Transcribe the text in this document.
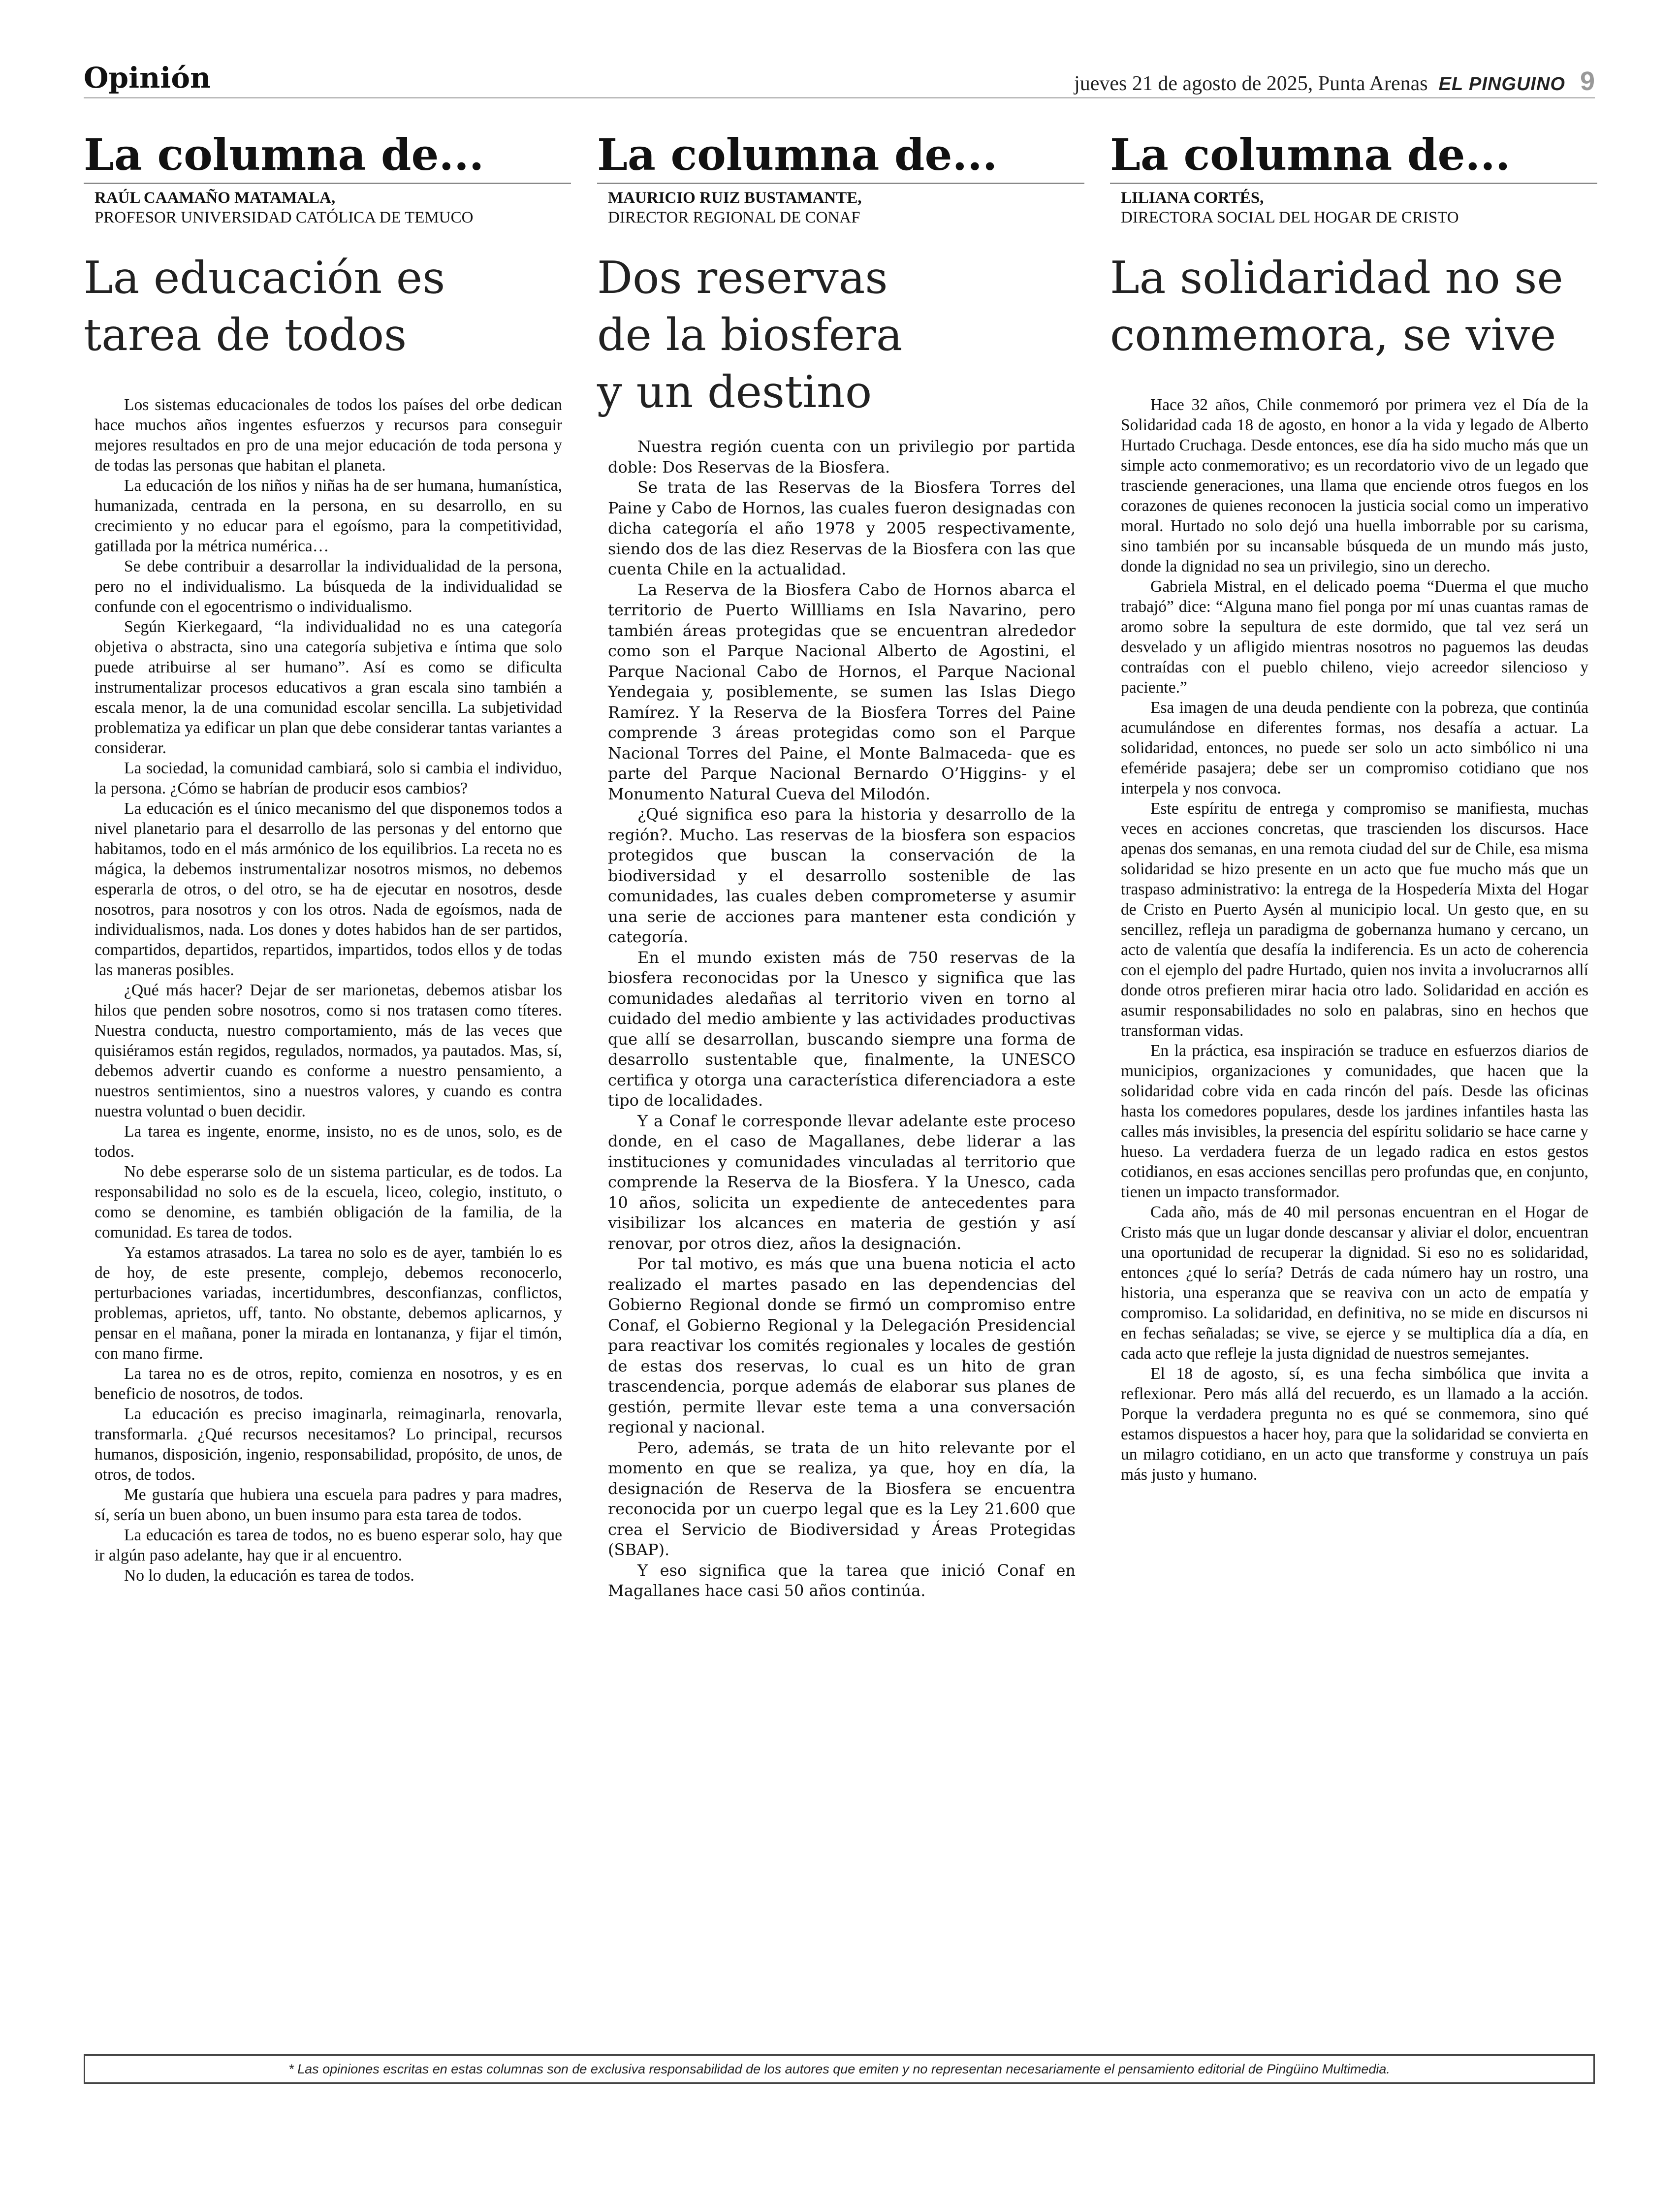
Opinión	jueves 21 de agosto de 2025, Punta Arenas EL PINGUINO 9
La columna de...
RAÚL CAAMAÑO MATAMALA,
PROFESOR UNIVERSIDAD CATÓLICA DE TEMUCO
La educación es
tarea de todos

Los sistemas educacionales de todos los países del orbe dedican hace muchos años ingentes esfuerzos y recursos para conseguir mejores resultados en pro de una mejor educación de toda persona y de todas las personas que habitan el planeta.

La educación de los niños y niñas ha de ser humana, humanística, humanizada, centrada en la persona, en su desarrollo, en su crecimiento y no educar para el egoísmo, para la competitividad, gatillada por la métrica numérica…

Se debe contribuir a desarrollar la individualidad de la persona, pero no el individualismo. La búsqueda de la individualidad se confunde con el egocentrismo o individualismo.

Según Kierkegaard, “la individualidad no es una categoría objetiva o abstracta, sino una categoría subjetiva e íntima que solo puede atribuirse al ser humano”. Así es como se dificulta instrumentalizar procesos educativos a gran escala sino también a escala menor, la de una comunidad escolar sencilla. La subjetividad problematiza ya edificar un plan que debe considerar tantas variantes a considerar.

La sociedad, la comunidad cambiará, solo si cambia el individuo, la persona. ¿Cómo se habrían de producir esos cambios?

La educación es el único mecanismo del que disponemos todos a nivel planetario para el desarrollo de las personas y del entorno que habitamos, todo en el más armónico de los equilibrios. La receta no es mágica, la debemos instrumentalizar nosotros mismos, no debemos esperarla de otros, o del otro, se ha de ejecutar en nosotros, desde nosotros, para nosotros y con los otros. Nada de egoísmos, nada de individualismos, nada. Los dones y dotes habidos han de ser partidos, compartidos, departidos, repartidos, impartidos, todos ellos y de todas las maneras posibles.

¿Qué más hacer? Dejar de ser marionetas, debemos atisbar los hilos que penden sobre nosotros, como si nos tratasen como títeres. Nuestra conducta, nuestro comportamiento, más de las veces que quisiéramos están regidos, regulados, normados, ya pautados. Mas, sí, debemos advertir cuando es conforme a nuestro pensamiento, a nuestros sentimientos, sino a nuestros valores, y cuando es contra nuestra voluntad o buen decidir.

La tarea es ingente, enorme, insisto, no es de unos, solo, es de todos.

No debe esperarse solo de un sistema particular, es de todos. La responsabilidad no solo es de la escuela, liceo, colegio, instituto, o como se denomine, es también obligación de la familia, de la comunidad. Es tarea de todos.

Ya estamos atrasados. La tarea no solo es de ayer, también lo es de hoy, de este presente, complejo, debemos reconocerlo, perturbaciones variadas, incertidumbres, desconfianzas, conflictos, problemas, aprietos, uff, tanto. No obstante, debemos aplicarnos, y pensar en el mañana, poner la mirada en lontananza, y fijar el timón, con mano firme.

La tarea no es de otros, repito, comienza en nosotros, y es en beneficio de nosotros, de todos.

La educación es preciso imaginarla, reimaginarla, renovarla, transformarla. ¿Qué recursos necesitamos? Lo principal, recursos humanos, disposición, ingenio, responsabilidad, propósito, de unos, de otros, de todos.

Me gustaría que hubiera una escuela para padres y para madres, sí, sería un buen abono, un buen insumo para esta tarea de todos.

La educación es tarea de todos, no es bueno esperar solo, hay que ir algún paso adelante, hay que ir al encuentro.

No lo duden, la educación es tarea de todos.

La columna de...
MAURICIO RUIZ BUSTAMANTE,
DIRECTOR REGIONAL DE CONAF
Dos reservas
de la biosfera
y un destino

Nuestra región cuenta con un privilegio por partida doble: Dos Reservas de la Biosfera.

Se trata de las Reservas de la Biosfera Torres del Paine y Cabo de Hornos, las cuales fueron designadas con dicha categoría el año 1978 y 2005 respectivamente, siendo dos de las diez Reservas de la Biosfera con las que cuenta Chile en la actualidad.

La Reserva de la Biosfera Cabo de Hornos abarca el territorio de Puerto Willliams en Isla Navarino, pero también áreas protegidas que se encuentran alrededor como son el Parque Nacional Alberto de Agostini, el Parque Nacional Cabo de Hornos, el Parque Nacional Yendegaia y, posiblemente, se sumen las Islas Diego Ramírez. Y la Reserva de la Biosfera Torres del Paine comprende 3 áreas protegidas como son el Parque Nacional Torres del Paine, el Monte Balmaceda- que es parte del Parque Nacional Bernardo O’Higgins- y el Monumento Natural Cueva del Milodón.

¿Qué significa eso para la historia y desarrollo de la región?. Mucho. Las reservas de la biosfera son espacios protegidos que buscan la conservación de la biodiversidad y el desarrollo sostenible de las comunidades, las cuales deben comprometerse y asumir una serie de acciones para mantener esta condición y categoría.

En el mundo existen más de 750 reservas de la biosfera reconocidas por la Unesco y significa que las comunidades aledañas al territorio viven en torno al cuidado del medio ambiente y las actividades productivas que allí se desarrollan, buscando siempre una forma de desarrollo sustentable que, finalmente, la UNESCO certifica y otorga una característica diferenciadora a este tipo de localidades.

Y a Conaf le corresponde llevar adelante este proceso donde, en el caso de Magallanes, debe liderar a las instituciones y comunidades vinculadas al territorio que comprende la Reserva de la Biosfera. Y la Unesco, cada 10 años, solicita un expediente de antecedentes para visibilizar los alcances en materia de gestión y así renovar, por otros diez, años la designación.

Por tal motivo, es más que una buena noticia el acto realizado el martes pasado en las dependencias del Gobierno Regional donde se firmó un compromiso entre Conaf, el Gobierno Regional y la Delegación Presidencial para reactivar los comités regionales y locales de gestión de estas dos reservas, lo cual es un hito de gran trascendencia, porque además de elaborar sus planes de gestión, permite llevar este tema a una conversación regional y nacional.

Pero, además, se trata de un hito relevante por el momento en que se realiza, ya que, hoy en día, la designación de Reserva de la Biosfera se encuentra reconocida por un cuerpo legal que es la Ley 21.600 que crea el Servicio de Biodiversidad y Áreas Protegidas (SBAP).

Y eso significa que la tarea que inició Conaf en Magallanes hace casi 50 años continúa.

La columna de...
LILIANA CORTÉS,
DIRECTORA SOCIAL DEL HOGAR DE CRISTO
La solidaridad no se
conmemora, se vive

Hace 32 años, Chile conmemoró por primera vez el Día de la Solidaridad cada 18 de agosto, en honor a la vida y legado de Alberto Hurtado Cruchaga. Desde entonces, ese día ha sido mucho más que un simple acto conmemorativo; es un recordatorio vivo de un legado que trasciende generaciones, una llama que enciende otros fuegos en los corazones de quienes reconocen la justicia social como un imperativo moral. Hurtado no solo dejó una huella imborrable por su carisma, sino también por su incansable búsqueda de un mundo más justo, donde la dignidad no sea un privilegio, sino un derecho.

Gabriela Mistral, en el delicado poema “Duerma el que mucho trabajó” dice: “Alguna mano fiel ponga por mí unas cuantas ramas de aromo sobre la sepultura de este dormido, que tal vez será un desvelado y un afligido mientras nosotros no paguemos las deudas contraídas con el pueblo chileno, viejo acreedor silencioso y paciente.”

Esa imagen de una deuda pendiente con la pobreza, que continúa acumulándose en diferentes formas, nos desafía a actuar. La solidaridad, entonces, no puede ser solo un acto simbólico ni una efeméride pasajera; debe ser un compromiso cotidiano que nos interpela y nos convoca.

Este espíritu de entrega y compromiso se manifiesta, muchas veces en acciones concretas, que trascienden los discursos. Hace apenas dos semanas, en una remota ciudad del sur de Chile, esa misma solidaridad se hizo presente en un acto que fue mucho más que un traspaso administrativo: la entrega de la Hospedería Mixta del Hogar de Cristo en Puerto Aysén al municipio local. Un gesto que, en su sencillez, refleja un paradigma de gobernanza humano y cercano, un acto de valentía que desafía la indiferencia. Es un acto de coherencia con el ejemplo del padre Hurtado, quien nos invita a involucrarnos allí donde otros prefieren mirar hacia otro lado. Solidaridad en acción es asumir responsabilidades no solo en palabras, sino en hechos que transforman vidas.

En la práctica, esa inspiración se traduce en esfuerzos diarios de municipios, organizaciones y comunidades, que hacen que la solidaridad cobre vida en cada rincón del país. Desde las oficinas hasta los comedores populares, desde los jardines infantiles hasta las calles más invisibles, la presencia del espíritu solidario se hace carne y hueso. La verdadera fuerza de un legado radica en estos gestos cotidianos, en esas acciones sencillas pero profundas que, en conjunto, tienen un impacto transformador.

Cada año, más de 40 mil personas encuentran en el Hogar de Cristo más que un lugar donde descansar y aliviar el dolor, encuentran una oportunidad de recuperar la dignidad. Si eso no es solidaridad, entonces ¿qué lo sería? Detrás de cada número hay un rostro, una historia, una esperanza que se reaviva con un acto de empatía y compromiso. La solidaridad, en definitiva, no se mide en discursos ni en fechas señaladas; se vive, se ejerce y se multiplica día a día, en cada acto que refleje la justa dignidad de nuestros semejantes.

El 18 de agosto, sí, es una fecha simbólica que invita a reflexionar. Pero más allá del recuerdo, es un llamado a la acción. Porque la verdadera pregunta no es qué se conmemora, sino qué estamos dispuestos a hacer hoy, para que la solidaridad se convierta en un milagro cotidiano, en un acto que transforme y construya un país más justo y humano.

* Las opiniones escritas en estas columnas son de exclusiva responsabilidad de los autores que emiten y no representan necesariamente el pensamiento editorial de Pingüino Multimedia.
